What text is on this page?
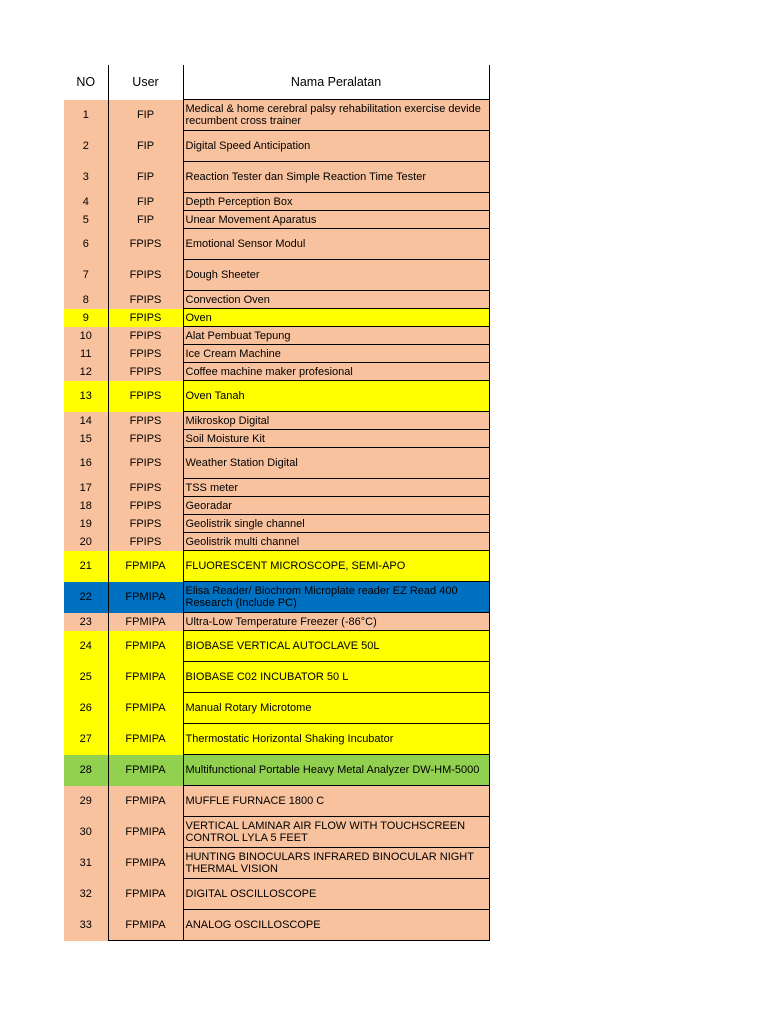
NO	User	Nama Peralatan
1	FIP	Medical & home cerebral palsy rehabilitation exercise devide recumbent cross trainer
2	FIP	Digital Speed Anticipation
3	FIP	Reaction Tester dan Simple Reaction Time Tester
4	FIP	Depth Perception Box
5	FIP	Unear Movement Aparatus
6	FPIPS	Emotional Sensor Modul
7	FPIPS	Dough Sheeter
8	FPIPS	Convection Oven
9	FPIPS	Oven
10	FPIPS	Alat Pembuat Tepung
11	FPIPS	Ice Cream Machine
12	FPIPS	Coffee machine maker profesional
13	FPIPS	Oven Tanah
14	FPIPS	Mikroskop Digital
15	FPIPS	Soil Moisture Kit
16	FPIPS	Weather Station Digital
17	FPIPS	TSS meter
18	FPIPS	Georadar
19	FPIPS	Geolistrik single channel
20	FPIPS	Geolistrik multi channel
21	FPMIPA	FLUORESCENT MICROSCOPE, SEMI-APO
22	FPMIPA	Elisa Reader/ Biochrom Microplate reader EZ Read 400 Research (Include PC)
23	FPMIPA	Ultra-Low Temperature Freezer (-86°C)
24	FPMIPA	BIOBASE VERTICAL AUTOCLAVE 50L
25	FPMIPA	BIOBASE C02 INCUBATOR 50 L
26	FPMIPA	Manual Rotary Microtome
27	FPMIPA	Thermostatic Horizontal Shaking Incubator
28	FPMIPA	Multifunctional Portable Heavy Metal Analyzer DW-HM-5000
29	FPMIPA	MUFFLE FURNACE 1800 C
30	FPMIPA	VERTICAL LAMINAR AIR FLOW WITH TOUCHSCREEN CONTROL LYLA 5 FEET
31	FPMIPA	HUNTING BINOCULARS INFRARED BINOCULAR NIGHT THERMAL VISION
32	FPMIPA	DIGITAL OSCILLOSCOPE
33	FPMIPA	ANALOG OSCILLOSCOPE
